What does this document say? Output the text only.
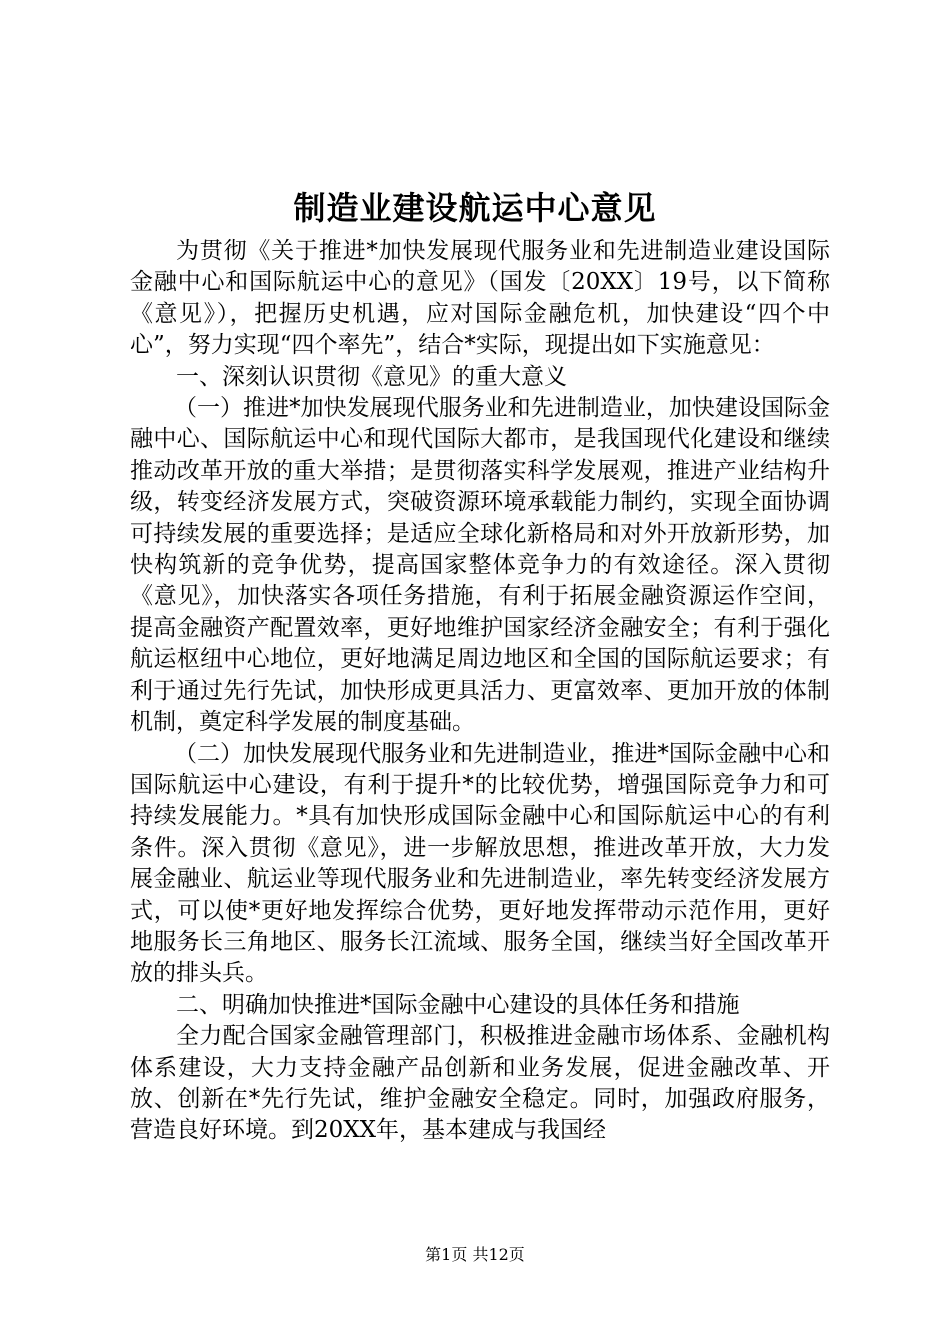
制造业建设航运中心意见

为贯彻《关于推进*加快发展现代服务业和先进制造业建设国际金融中心和国际航运中心的意见》（国发〔20XX〕19号，以下简称《意见》），把握历史机遇，应对国际金融危机，加快建设“四个中心”，努力实现“四个率先”，结合*实际，现提出如下实施意见：

一、深刻认识贯彻《意见》的重大意义

（一）推进*加快发展现代服务业和先进制造业，加快建设国际金融中心、国际航运中心和现代国际大都市，是我国现代化建设和继续推动改革开放的重大举措；是贯彻落实科学发展观，推进产业结构升级，转变经济发展方式，突破资源环境承载能力制约，实现全面协调可持续发展的重要选择；是适应全球化新格局和对外开放新形势，加快构筑新的竞争优势，提高国家整体竞争力的有效途径。深入贯彻《意见》，加快落实各项任务措施，有利于拓展金融资源运作空间，提高金融资产配置效率，更好地维护国家经济金融安全；有利于强化航运枢纽中心地位，更好地满足周边地区和全国的国际航运要求；有利于通过先行先试，加快形成更具活力、更富效率、更加开放的体制机制，奠定科学发展的制度基础。

（二）加快发展现代服务业和先进制造业，推进*国际金融中心和国际航运中心建设，有利于提升*的比较优势，增强国际竞争力和可持续发展能力。*具有加快形成国际金融中心和国际航运中心的有利条件。深入贯彻《意见》，进一步解放思想，推进改革开放，大力发展金融业、航运业等现代服务业和先进制造业，率先转变经济发展方式，可以使*更好地发挥综合优势，更好地发挥带动示范作用，更好地服务长三角地区、服务长江流域、服务全国，继续当好全国改革开放的排头兵。

二、明确加快推进*国际金融中心建设的具体任务和措施

全力配合国家金融管理部门，积极推进金融市场体系、金融机构体系建设，大力支持金融产品创新和业务发展，促进金融改革、开放、创新在*先行先试，维护金融安全稳定。同时，加强政府服务，营造良好环境。到20XX年，基本建成与我国经

第1页 共12页
